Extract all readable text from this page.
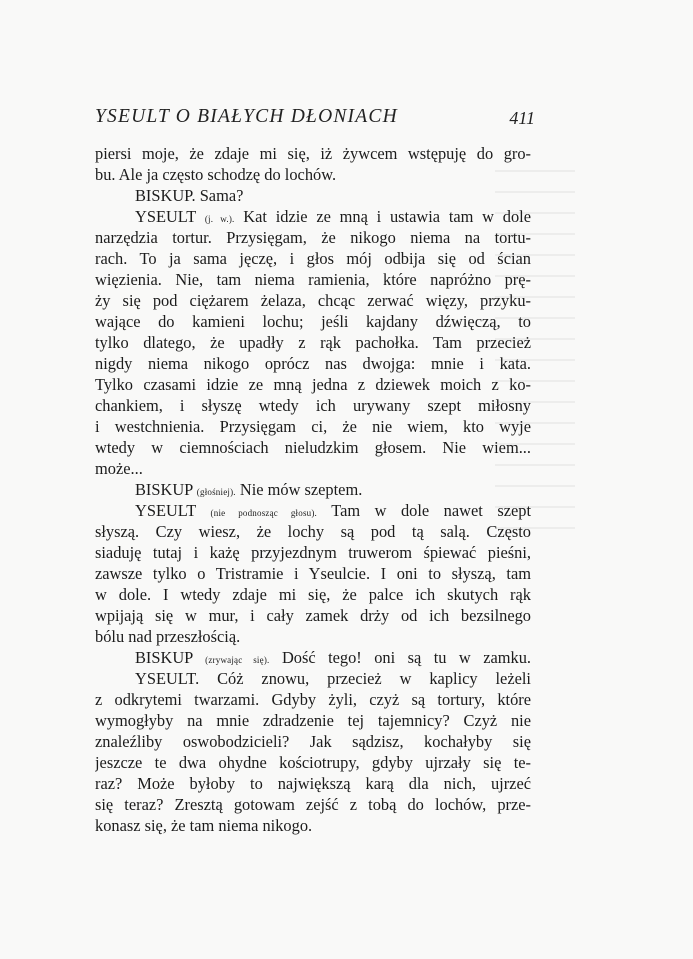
YSEULT O BIAŁYCH DŁONIACH	411
piersi moje, że zdaje mi się, iż żywcem wstępuję do gro-
bu. Ale ja często schodzę do lochów.
BISKUP. Sama?
YSEULT (j. w.). Kat idzie ze mną i ustawia tam w dole
narzędzia tortur. Przysięgam, że nikogo niema na tortu-
rach. To ja sama jęczę, i głos mój odbija się od ścian
więzienia. Nie, tam niema ramienia, które napróżno prę-
ży się pod ciężarem żelaza, chcąc zerwać więzy, przyku-
wające do kamieni lochu; jeśli kajdany dźwięczą, to
tylko dlatego, że upadły z rąk pachołka. Tam przecież
nigdy niema nikogo oprócz nas dwojga: mnie i kata.
Tylko czasami idzie ze mną jedna z dziewek moich z ko-
chankiem, i słyszę wtedy ich urywany szept miłosny
i westchnienia. Przysięgam ci, że nie wiem, kto wyje
wtedy w ciemnościach nieludzkim głosem. Nie wiem...
może...
BISKUP (głośniej). Nie mów szeptem.
YSEULT (nie podnosząc głosu). Tam w dole nawet szept
słyszą. Czy wiesz, że lochy są pod tą salą. Często
siaduję tutaj i każę przyjezdnym truwerom śpiewać pieśni,
zawsze tylko o Tristramie i Yseulcie. I oni to słyszą, tam
w dole. I wtedy zdaje mi się, że palce ich skutych rąk
wpijają się w mur, i cały zamek drży od ich bezsilnego
bólu nad przeszłością.
BISKUP (zrywając się). Dość tego! oni są tu w zamku.
YSEULT. Cóż znowu, przecież w kaplicy leżeli
z odkrytemi twarzami. Gdyby żyli, czyż są tortury, które
wymogłyby na mnie zdradzenie tej tajemnicy? Czyż nie
znaleźliby oswobodzicieli? Jak sądzisz, kochałyby się
jeszcze te dwa ohydne kościotrupy, gdyby ujrzały się te-
raz? Może byłoby to największą karą dla nich, ujrzeć
się teraz? Zresztą gotowam zejść z tobą do lochów, prze-
konasz się, że tam niema nikogo.
